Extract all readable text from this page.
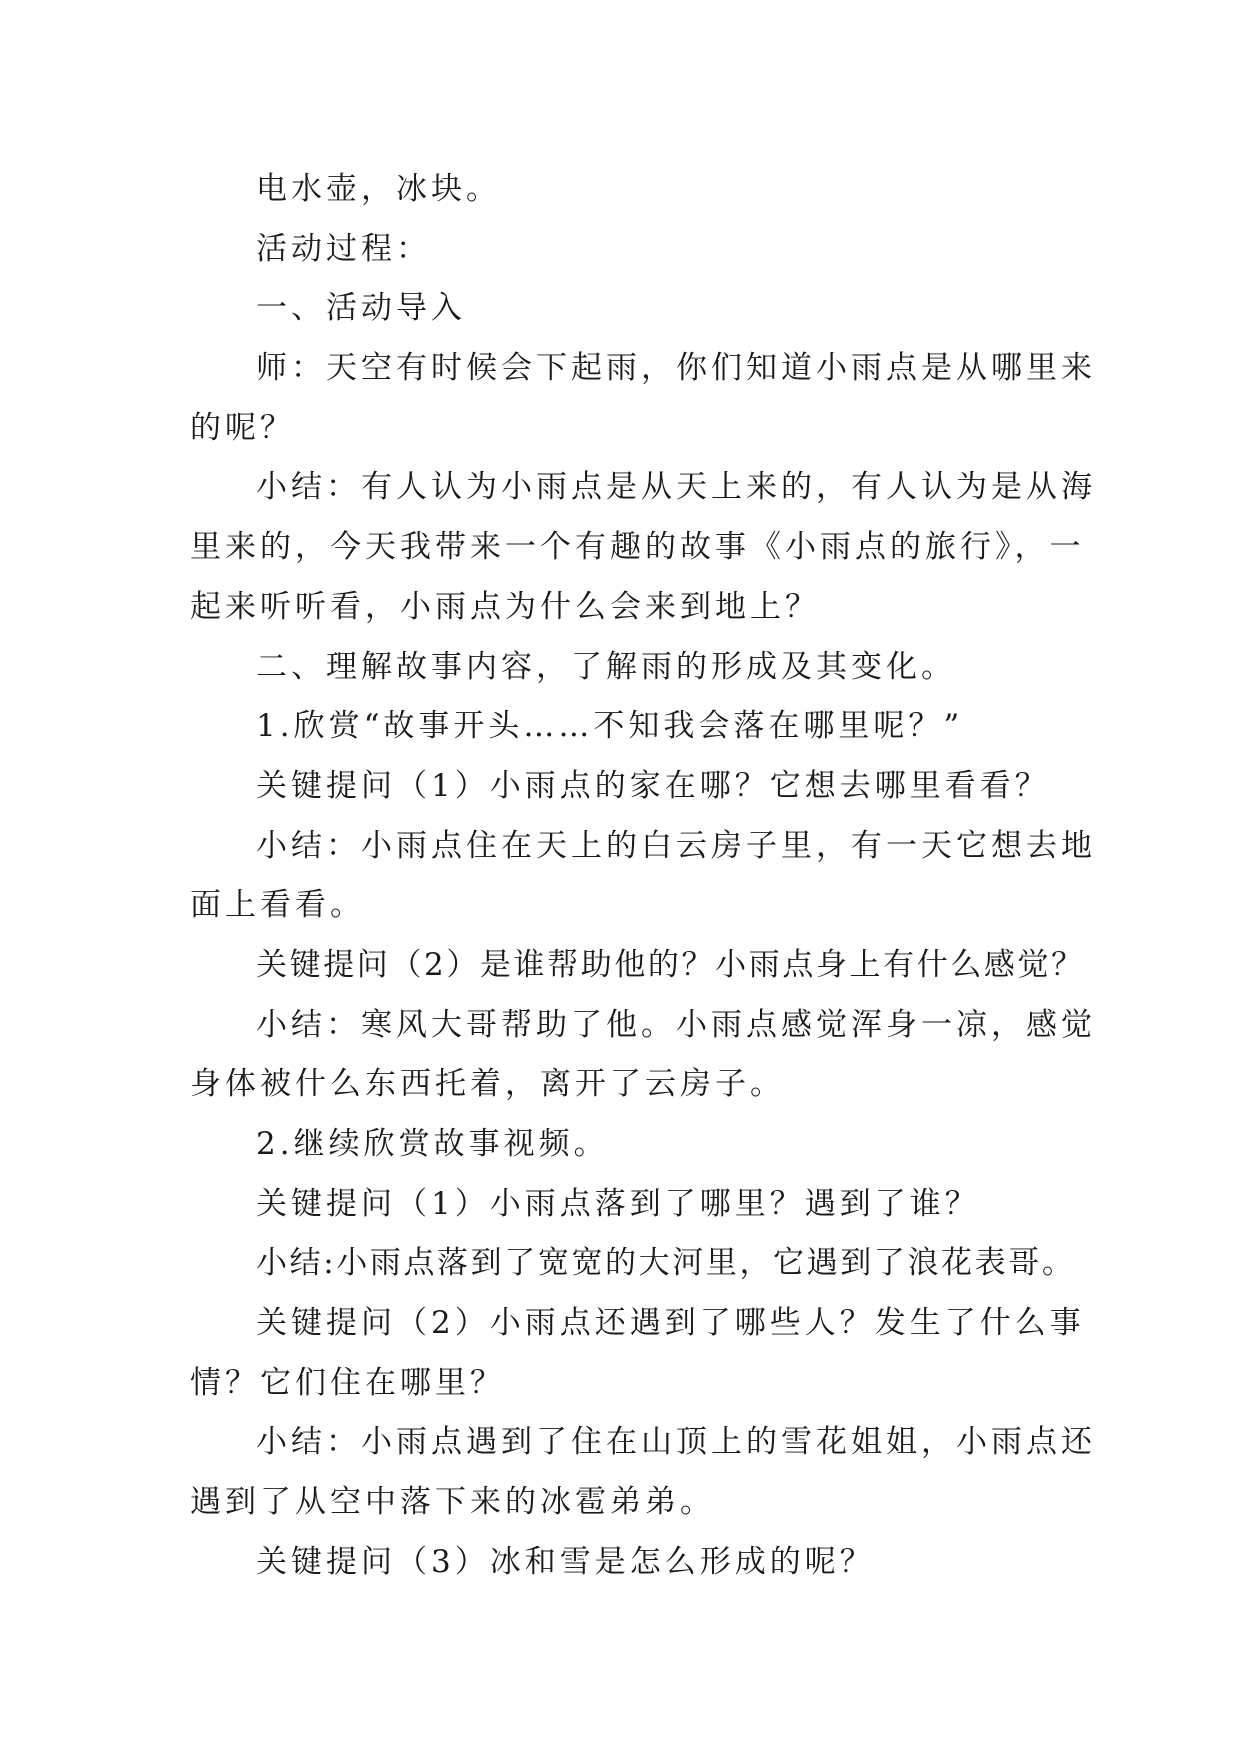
电水壶，冰块。
活动过程：
一、活动导入
师：天空有时候会下起雨，你们知道小雨点是从哪里来
的呢？
小结：有人认为小雨点是从天上来的，有人认为是从海
里来的，今天我带来一个有趣的故事《小雨点的旅行》，一
起来听听看，小雨点为什么会来到地上？
二、理解故事内容，了解雨的形成及其变化。
1.欣赏“故事开头……不知我会落在哪里呢？”
关键提问（1）小雨点的家在哪？它想去哪里看看？
小结：小雨点住在天上的白云房子里，有一天它想去地
面上看看。
关键提问（2）是谁帮助他的？小雨点身上有什么感觉？
小结：寒风大哥帮助了他。小雨点感觉浑身一凉，感觉
身体被什么东西托着，离开了云房子。
2.继续欣赏故事视频。
关键提问（1）小雨点落到了哪里？遇到了谁？
小结:小雨点落到了宽宽的大河里，它遇到了浪花表哥。
关键提问（2）小雨点还遇到了哪些人？发生了什么事
情？它们住在哪里？
小结：小雨点遇到了住在山顶上的雪花姐姐，小雨点还
遇到了从空中落下来的冰雹弟弟。
关键提问（3）冰和雪是怎么形成的呢？
